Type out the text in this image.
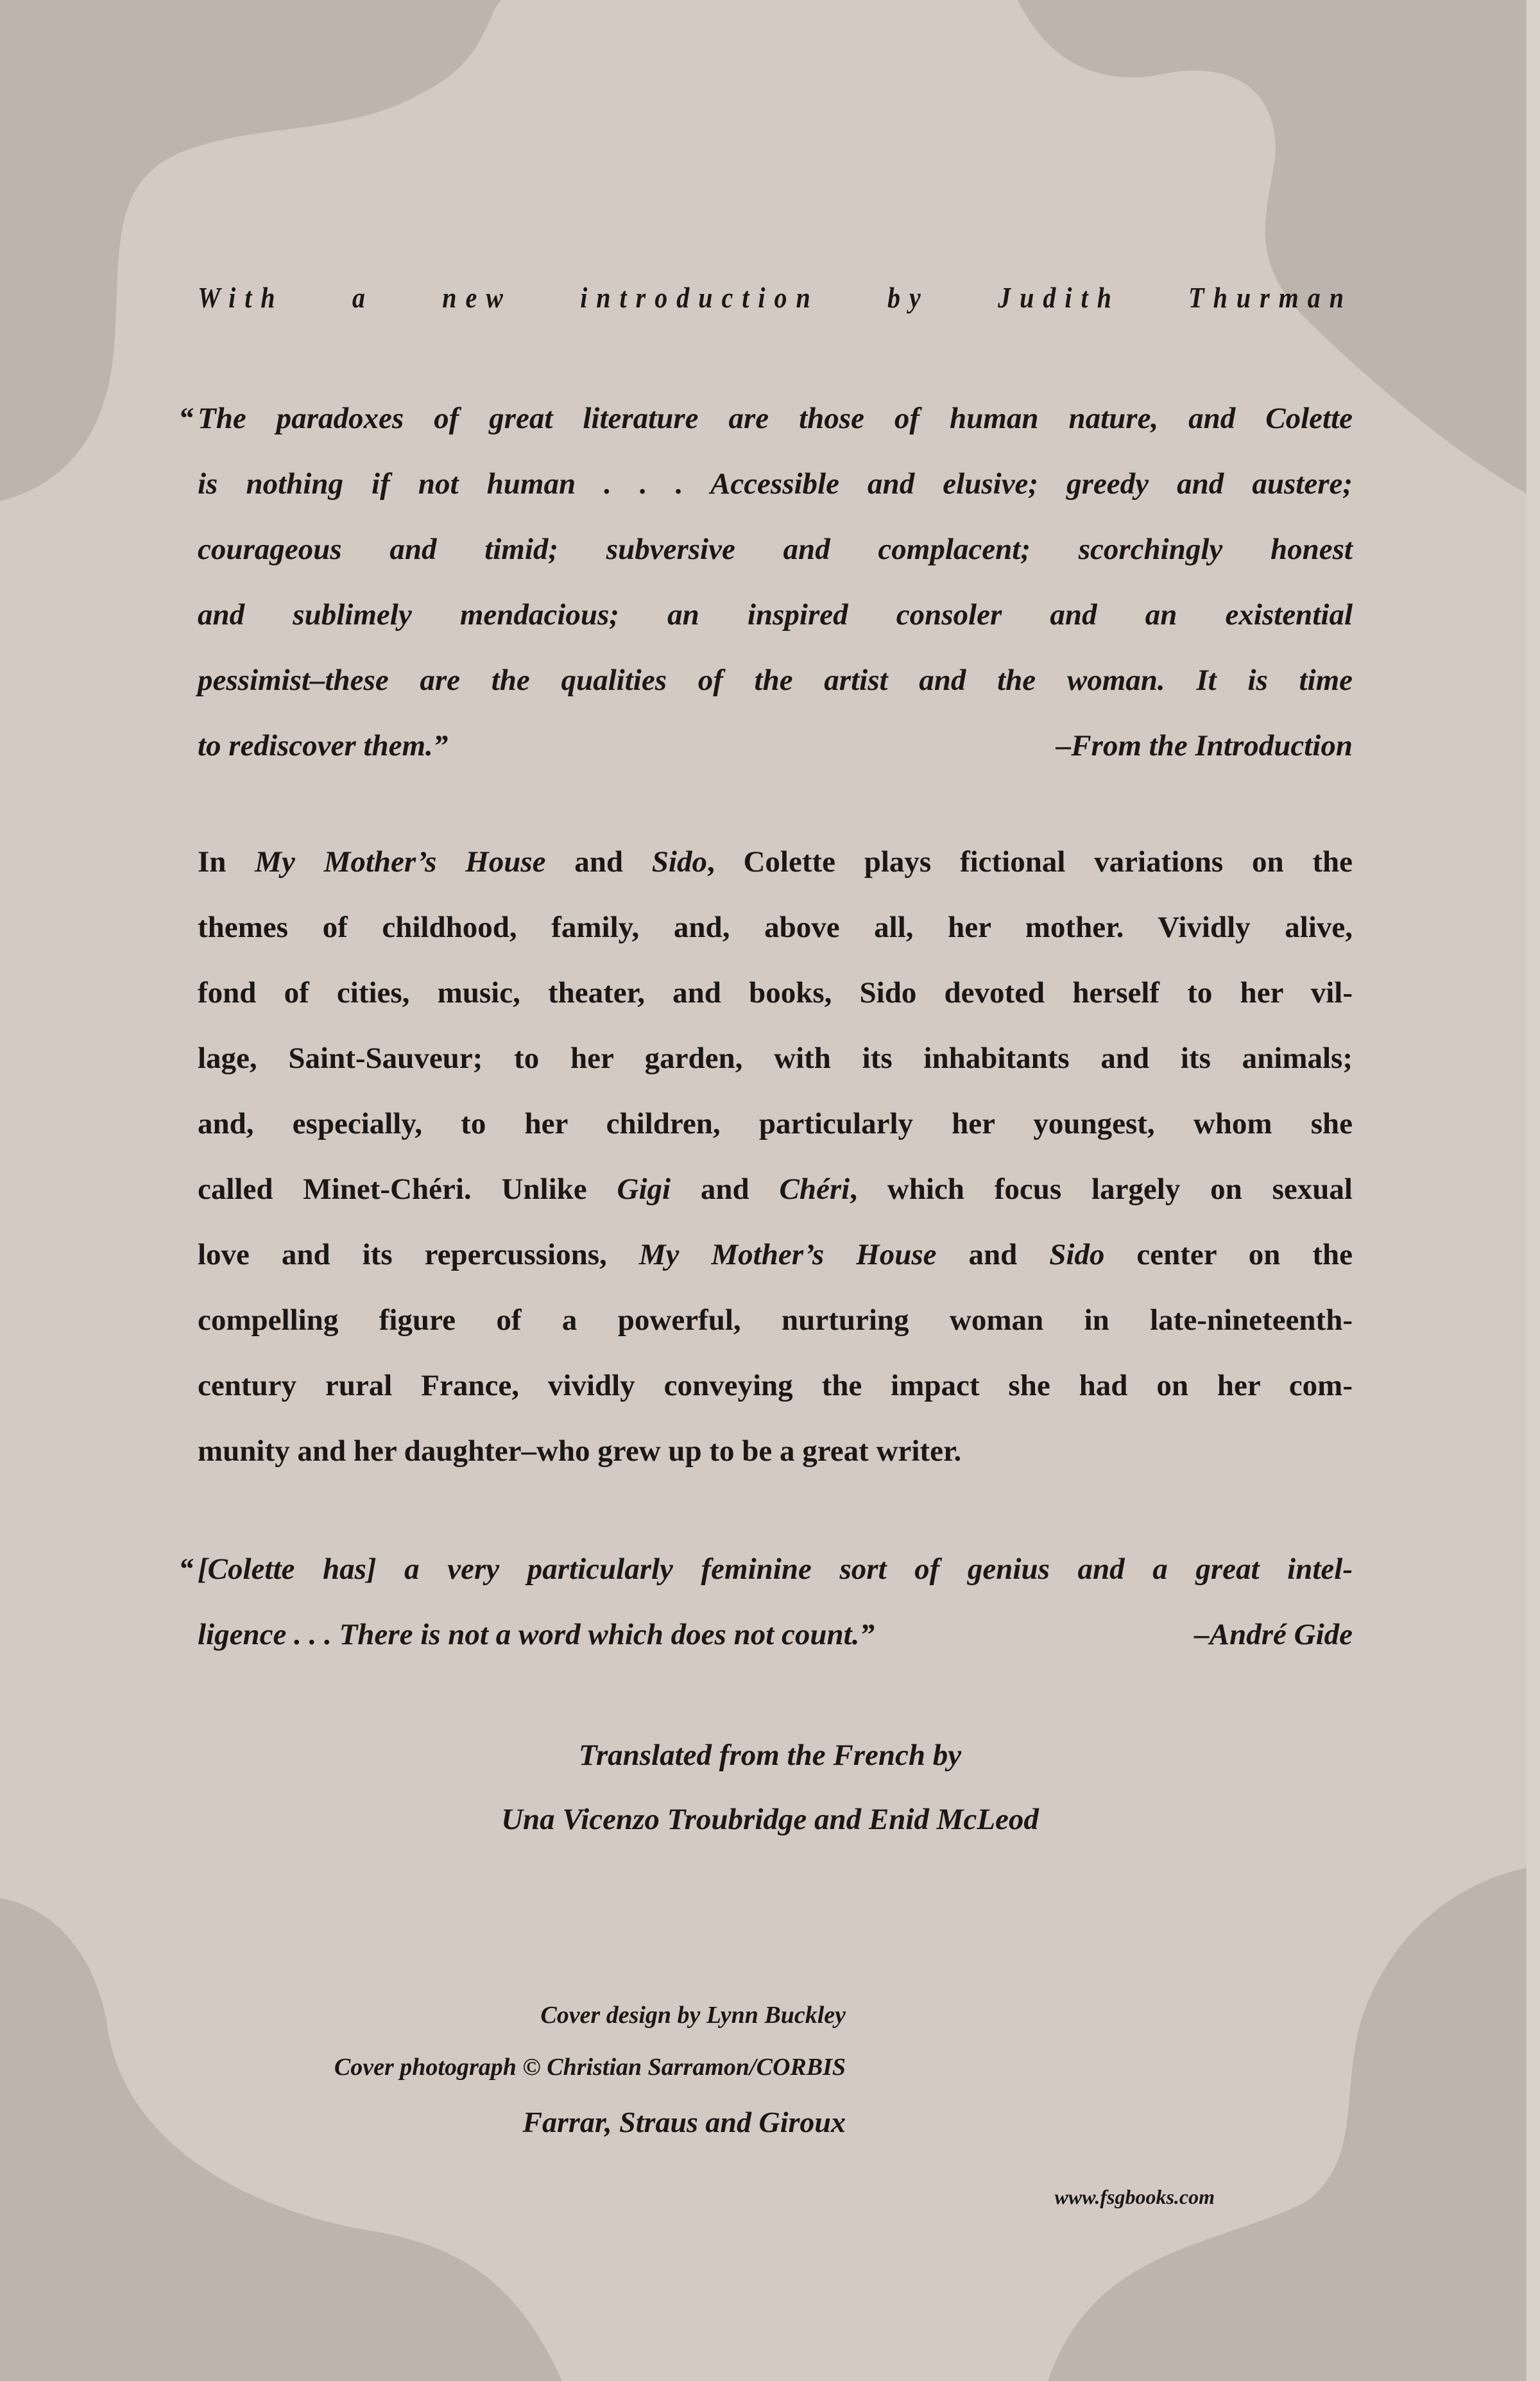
With a new introduction by Judith Thurman
“ The paradoxes of great literature are those of human nature, and Colette
is nothing if not human . . . Accessible and elusive; greedy and austere;
courageous and timid; subversive and complacent; scorchingly honest
and sublimely mendacious; an inspired consoler and an existential
pessimist–these are the qualities of the artist and the woman. It is time
to rediscover them.”	–From the Introduction
In My Mother’s House and Sido, Colette plays fictional variations on the
themes of childhood, family, and, above all, her mother. Vividly alive,
fond of cities, music, theater, and books, Sido devoted herself to her vil-
lage, Saint-Sauveur; to her garden, with its inhabitants and its animals;
and, especially, to her children, particularly her youngest, whom she
called Minet-Chéri. Unlike Gigi and Chéri, which focus largely on sexual
love and its repercussions, My Mother’s House and Sido center on the
compelling figure of a powerful, nurturing woman in late-nineteenth-
century rural France, vividly conveying the impact she had on her com-
munity and her daughter–who grew up to be a great writer.
“ [Colette has] a very particularly feminine sort of genius and a great intel-
ligence . . . There is not a word which does not count.”	–André Gide
Translated from the French by
Una Vicenzo Troubridge and Enid McLeod
Cover design by Lynn Buckley
Cover photograph © Christian Sarramon/CORBIS
Farrar, Straus and Giroux
www.fsgbooks.com
